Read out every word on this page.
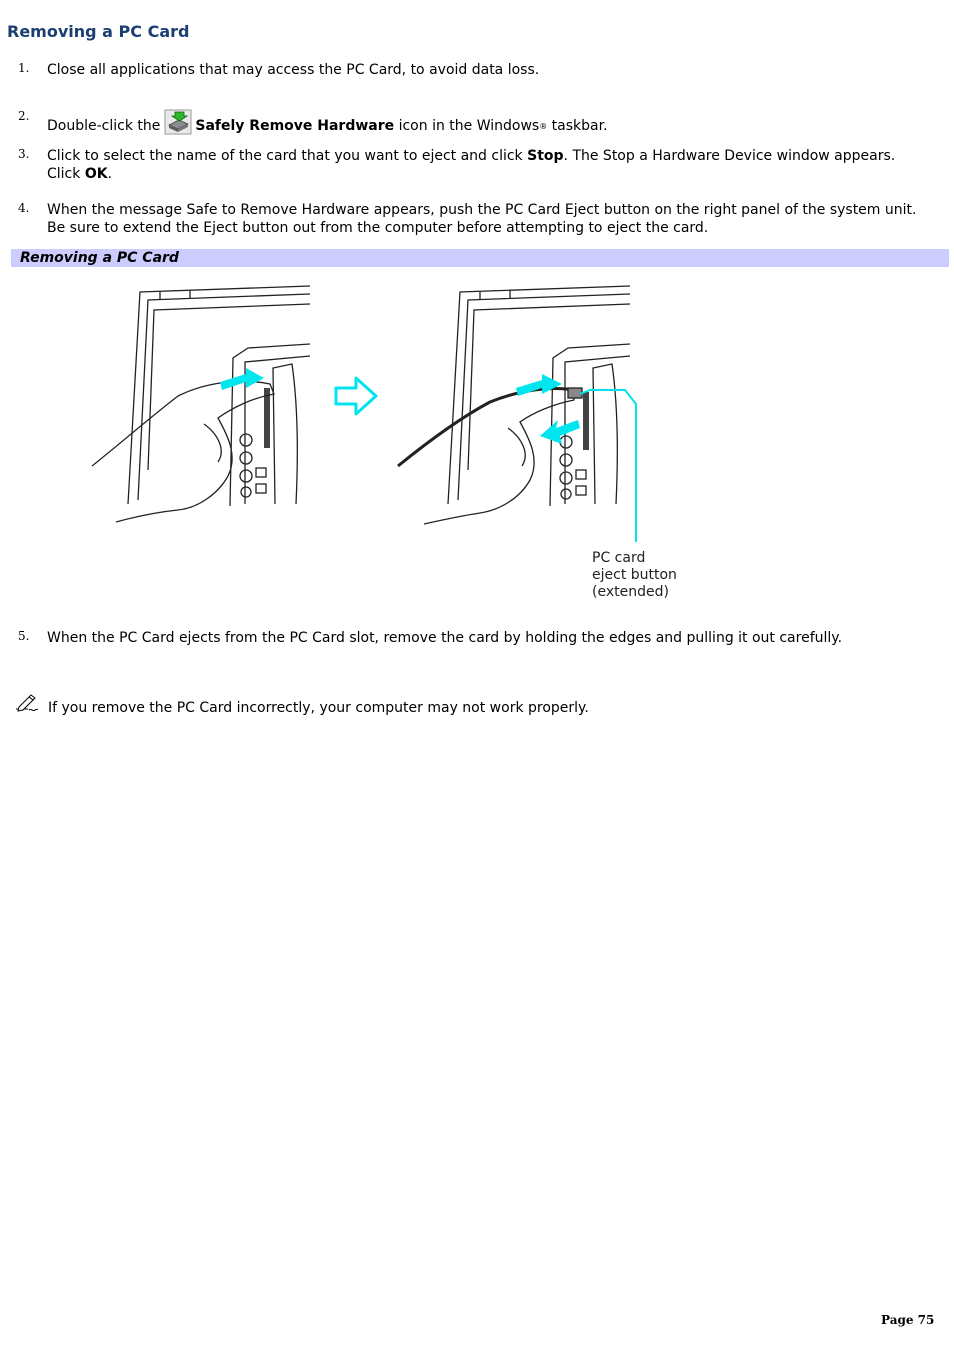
Removing a PC Card
1. Close all applications that may access the PC Card, to avoid data loss.
2.
Double-click the	Safely Remove Hardware icon in the Windows® taskbar.
3. Click to select the name of the card that you want to eject and click Stop. The Stop a Hardware Device window appears. Click OK.
4. When the message Safe to Remove Hardware appears, push the PC Card Eject button on the right panel of the system unit. Be sure to extend the Eject button out from the computer before attempting to eject the card.
Removing a PC Card
PC card
eject button
(extended)
5. When the PC Card ejects from the PC Card slot, remove the card by holding the edges and pulling it out carefully.
If you remove the PC Card incorrectly, your computer may not work properly.
Page 75
